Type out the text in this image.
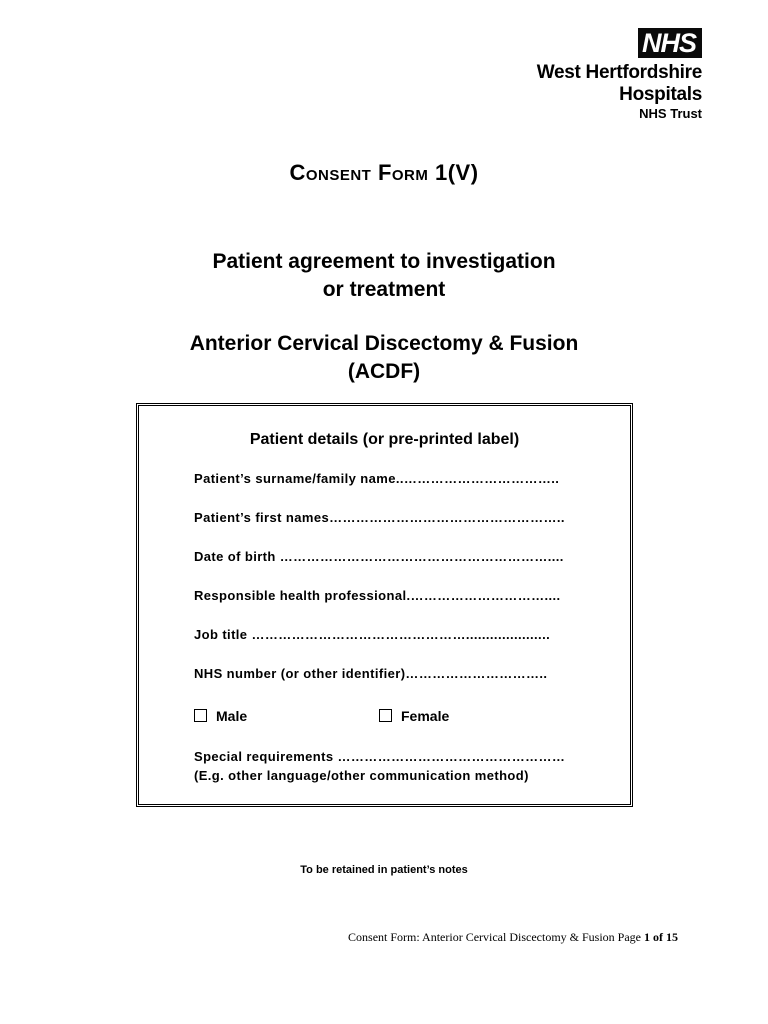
NHS
West Hertfordshire
Hospitals
NHS Trust
Consent Form 1(V)
Patient agreement to investigation
or treatment
Anterior Cervical Discectomy & Fusion
(ACDF)
Patient details (or pre-printed label)
Patient’s surname/family name..……………………………..
Patient’s first names……………………………………………..
Date of birth ……………………………………………………....
Responsible health professional.…………………………....
Job title ………………………………………….....................
NHS number (or other identifier)…………………………..
Male	Female
Special requirements ……………………………………………
(E.g. other language/other communication method)
To be retained in patient’s notes
Consent Form: Anterior Cervical Discectomy & Fusion Page 1 of 15
